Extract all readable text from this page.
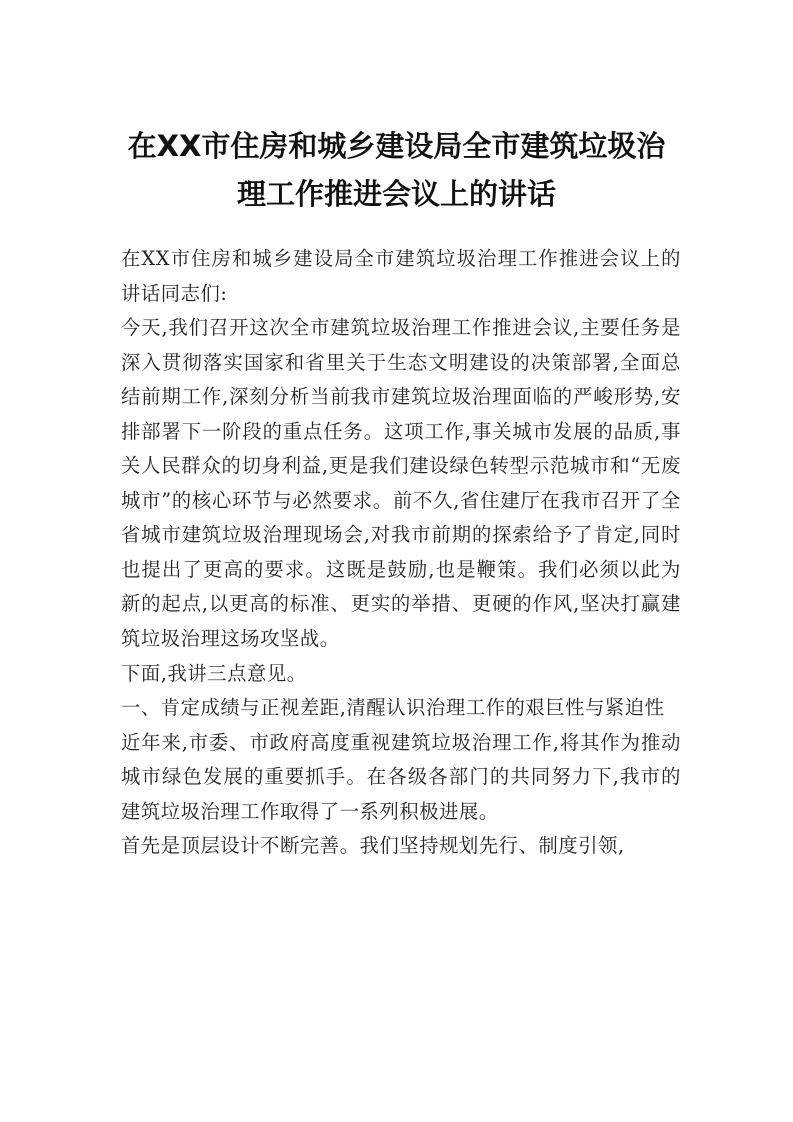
在XX市住房和城乡建设局全市建筑垃圾治
理工作推进会议上的讲话

在XX市住房和城乡建设局全市建筑垃圾治理工作推进会议上的讲话同志们:

今天,我们召开这次全市建筑垃圾治理工作推进会议,主要任务是深入贯彻落实国家和省里关于生态文明建设的决策部署,全面总结前期工作,深刻分析当前我市建筑垃圾治理面临的严峻形势,安排部署下一阶段的重点任务。这项工作,事关城市发展的品质,事关人民群众的切身利益,更是我们建设绿色转型示范城市和“无废城市”的核心环节与必然要求。前不久,省住建厅在我市召开了全省城市建筑垃圾治理现场会,对我市前期的探索给予了肯定,同时也提出了更高的要求。这既是鼓励,也是鞭策。我们必须以此为新的起点,以更高的标准、更实的举措、更硬的作风,坚决打赢建筑垃圾治理这场攻坚战。

下面,我讲三点意见。

一、肯定成绩与正视差距,清醒认识治理工作的艰巨性与紧迫性

近年来,市委、市政府高度重视建筑垃圾治理工作,将其作为推动城市绿色发展的重要抓手。在各级各部门的共同努力下,我市的建筑垃圾治理工作取得了一系列积极进展。

首先是顶层设计不断完善。我们坚持规划先行、制度引领,
